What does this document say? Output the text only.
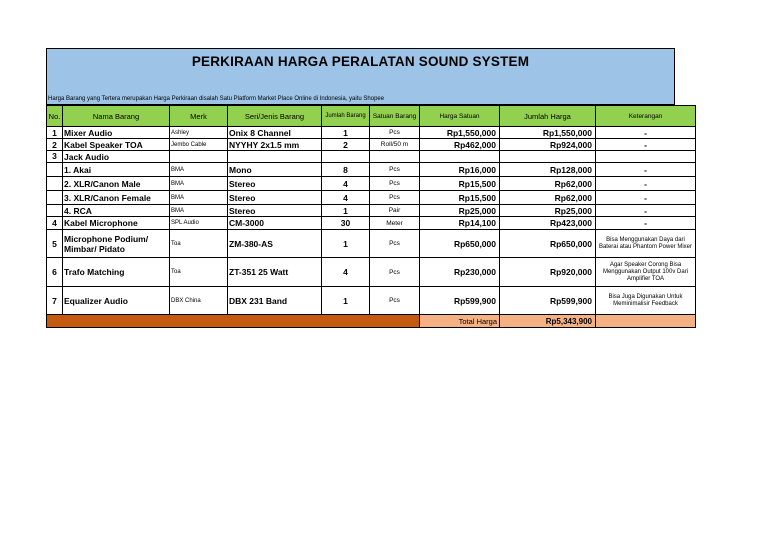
PERKIRAAN HARGA PERALATAN SOUND SYSTEM
Harga Barang yang Tertera merupakan Harga Perkiraan disalah Satu Platform Market Place Online di Indonesia, yaitu Shopee
No.	Nama Barang	Merk	Seri/Jenis Barang	Jumlah Barang	Satuan Barang	Harga Satuan	Jumlah Harga	Keterangan
1	Mixer Audio	Ashley	Onix 8 Channel	1	Pcs	Rp1,550,000	Rp1,550,000	-
2	Kabel Speaker TOA	Jembo Cable	NYYHY 2x1.5 mm	2	Roll/50 m	Rp462,000	Rp924,000	-
3	Jack Audio							
	1. Akai	BMA	Mono	8	Pcs	Rp16,000	Rp128,000	-
	2. XLR/Canon Male	BMA	Stereo	4	Pcs	Rp15,500	Rp62,000	-
	3. XLR/Canon Female	BMA	Stereo	4	Pcs	Rp15,500	Rp62,000	-
	4. RCA	BMA	Stereo	1	Pair	Rp25,000	Rp25,000	-
4	Kabel Microphone	SPL Audio	CM-3000	30	Meter	Rp14,100	Rp423,000	-
5	Microphone Podium/ Mimbar/ Pidato	Toa	ZM-380-AS	1	Pcs	Rp650,000	Rp650,000	Bisa Menggunakan Daya dari Baterai atau Phantom Power Mixer
6	Trafo Matching	Toa	ZT-351 25 Watt	4	Pcs	Rp230,000	Rp920,000	Agar Speaker Corong Bisa Menggunakan Output 100v Dari Amplifier TOA
7	Equalizer Audio	DBX China	DBX 231 Band	1	Pcs	Rp599,900	Rp599,900	Bisa Juga Digunakan Untuk Meminimalisir Feedback
						Total Harga	Rp5,343,900	
